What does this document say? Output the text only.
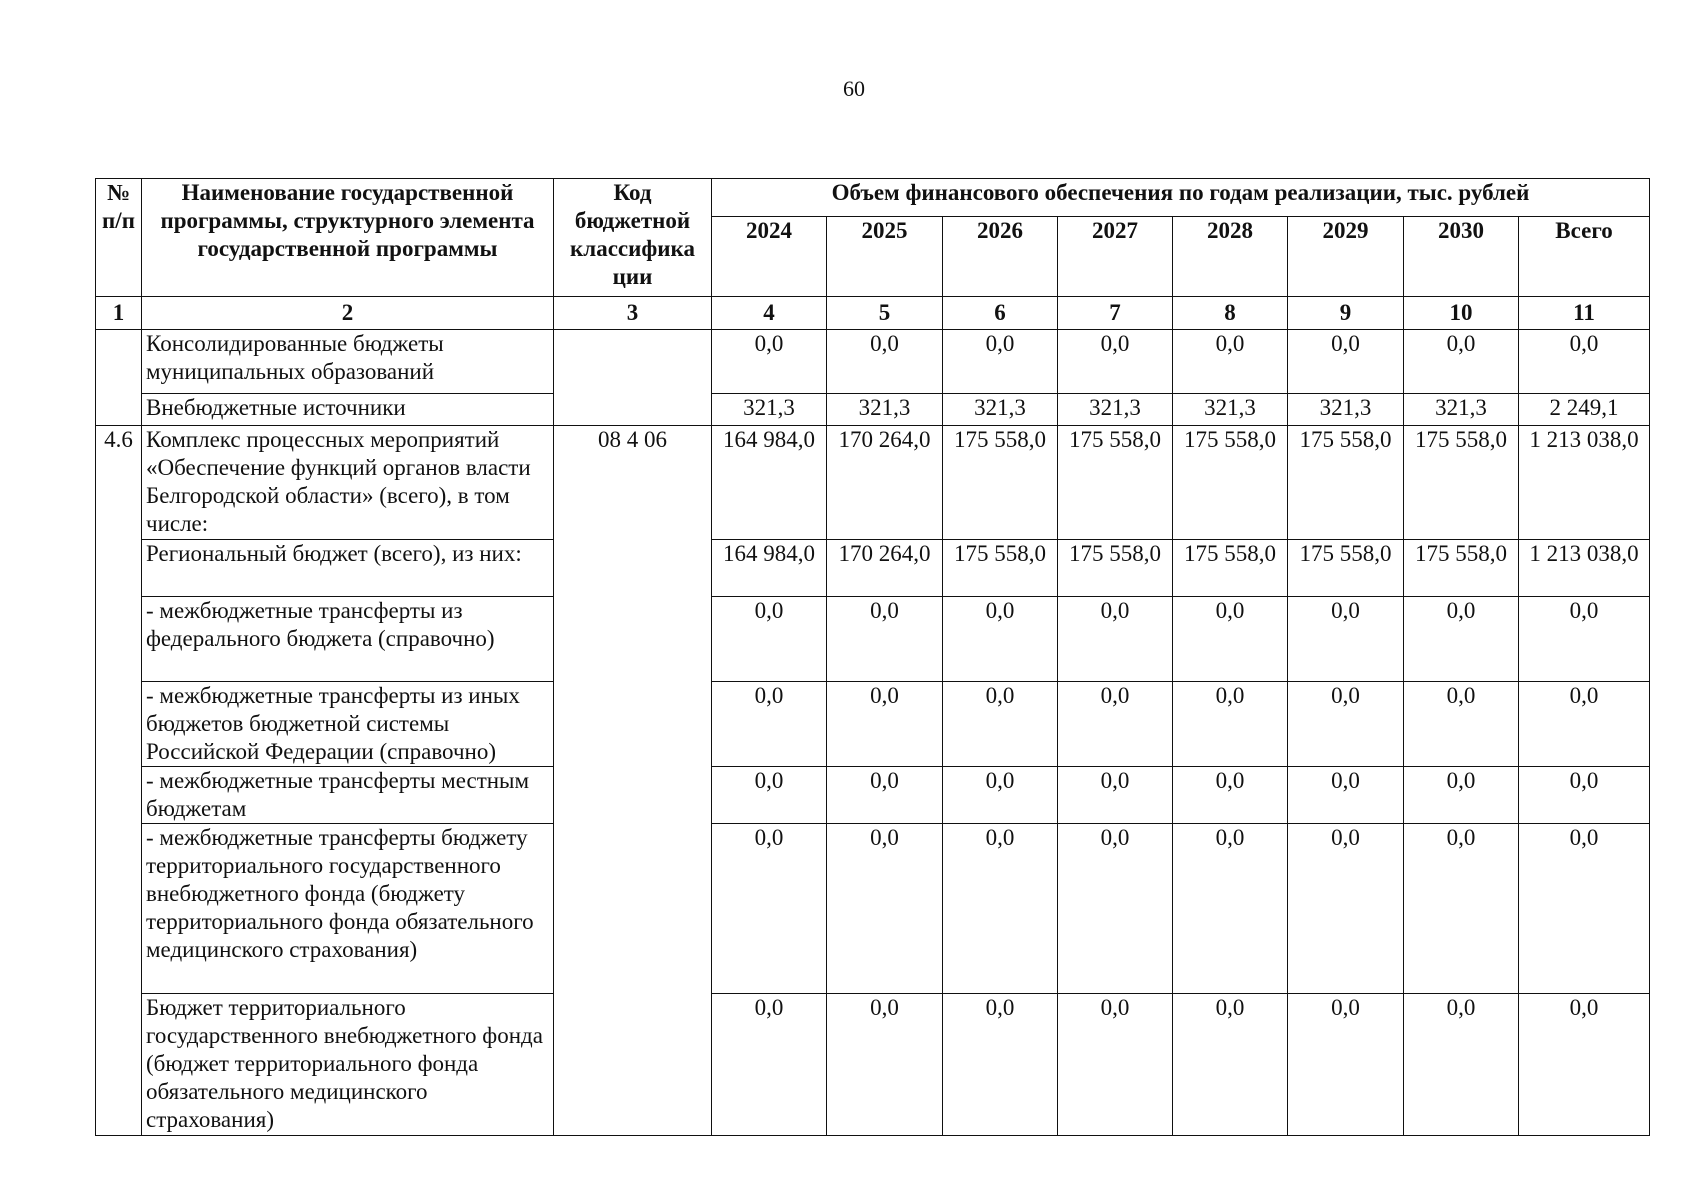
60
№ п/п	Наименование государственной программы, структурного элемента государственной программы	Код бюджетной классифика ции	Объем финансового обеспечения по годам реализации, тыс. рублей							
			2024	2025	2026	2027	2028	2029	2030	Всего
1	2	3	4	5	6	7	8	9	10	11
	Консолидированные бюджеты муниципальных образований		0,0	0,0	0,0	0,0	0,0	0,0	0,0	0,0
	Внебюджетные источники		321,3	321,3	321,3	321,3	321,3	321,3	321,3	2 249,1
4.6	Комплекс процессных мероприятий «Обеспечение функций органов власти Белгородской области» (всего), в том числе:	08 4 06	164 984,0	170 264,0	175 558,0	175 558,0	175 558,0	175 558,0	175 558,0	1 213 038,0
	Региональный бюджет (всего), из них:		164 984,0	170 264,0	175 558,0	175 558,0	175 558,0	175 558,0	175 558,0	1 213 038,0
	- межбюджетные трансферты из федерального бюджета (справочно)		0,0	0,0	0,0	0,0	0,0	0,0	0,0	0,0
	- межбюджетные трансферты из иных бюджетов бюджетной системы Российской Федерации (справочно)		0,0	0,0	0,0	0,0	0,0	0,0	0,0	0,0
	- межбюджетные трансферты местным бюджетам		0,0	0,0	0,0	0,0	0,0	0,0	0,0	0,0
	- межбюджетные трансферты бюджету территориального государственного внебюджетного фонда (бюджету территориального фонда обязательного медицинского страхования)		0,0	0,0	0,0	0,0	0,0	0,0	0,0	0,0
	Бюджет территориального государственного внебюджетного фонда (бюджет территориального фонда обязательного медицинского страхования)		0,0	0,0	0,0	0,0	0,0	0,0	0,0	0,0
